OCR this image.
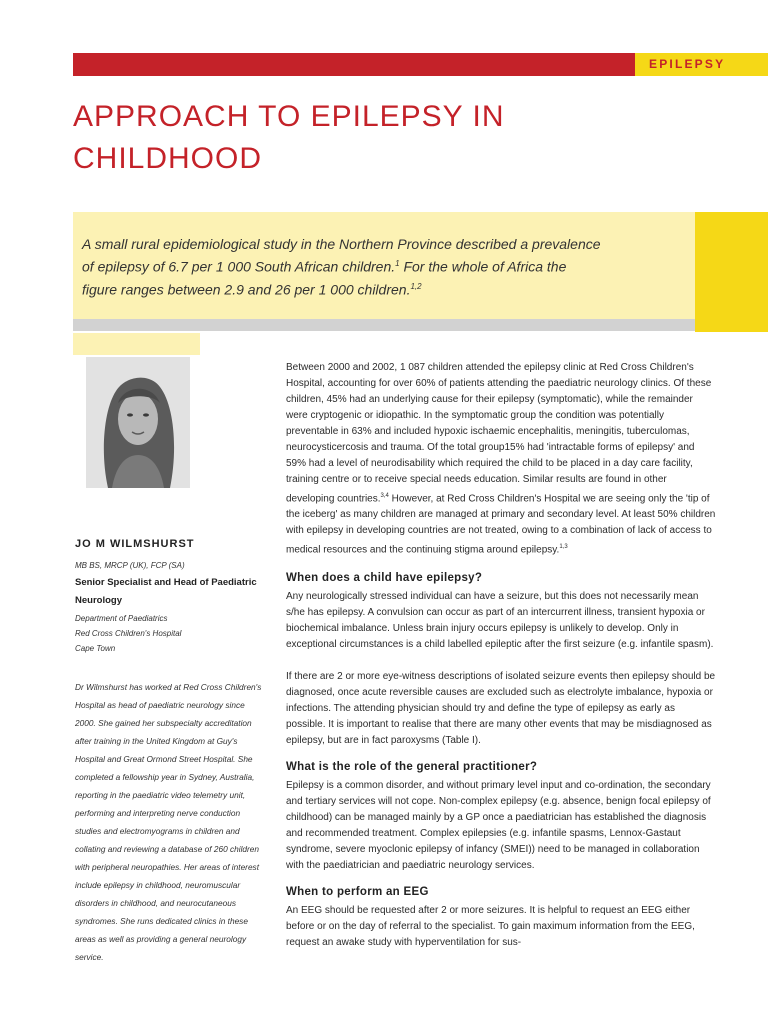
EPILEPSY
APPROACH TO EPILEPSY IN
CHILDHOOD
A small rural epidemiological study in the Northern Province described a prevalence
of epilepsy of 6.7 per 1 000 South African children.$^1$ For the whole of Africa the
figure ranges between 2.9 and 26 per 1 000 children.$^{1,2}$

JO M WILMSHURST

MB BS, MRCP (UK), FCP (SA)

Senior Specialist and Head of Paediatric Neurology

Department of Paediatrics

Red Cross Children's Hospital

Cape Town

Dr Wilmshurst has worked at Red Cross Children's Hospital as head of paediatric neurology since 2000. She gained her subspecialty accreditation after training in the United Kingdom at Guy's Hospital and Great Ormond Street Hospital. She completed a fellowship year in Sydney, Australia, reporting in the paediatric video telemetry unit, performing and interpreting nerve conduction studies and electromyograms in children and collating and reviewing a database of 260 children with peripheral neuropathies. Her areas of interest include epilepsy in childhood, neuromuscular disorders in childhood, and neurocutaneous syndromes. She runs dedicated clinics in these areas as well as providing a general neurology service.

Between 2000 and 2002, 1 087 children attended the epilepsy clinic at Red Cross Children's Hospital, accounting for over 60% of patients attending the paediatric neurology clinics. Of these children, 45% had an underlying cause for their epilepsy (symptomatic), while the remainder were cryptogenic or idiopathic. In the symptomatic group the condition was potentially preventable in 63% and included hypoxic ischaemic encephalitis, meningitis, tuberculomas, neurocysticercosis and trauma. Of the total group15% had 'intractable forms of epilepsy' and 59% had a level of neurodisability which required the child to be placed in a day care facility, training centre or to receive special needs education. Similar results are found in other developing countries.$^{3,4}$ However, at Red Cross Children's Hospital we are seeing only the 'tip of the iceberg' as many children are managed at primary and secondary level. At least 50% children with epilepsy in developing countries are not treated, owing to a combination of lack of access to medical resources and the continuing stigma around epilepsy.$^{1,3}$

When does a child have epilepsy?

Any neurologically stressed individual can have a seizure, but this does not necessarily mean s/he has epilepsy. A convulsion can occur as part of an intercurrent illness, transient hypoxia or biochemical imbalance. Unless brain injury occurs epilepsy is unlikely to develop. Only in exceptional circumstances is a child labelled epileptic after the first seizure (e.g. infantile spasm).

If there are 2 or more eye-witness descriptions of isolated seizure events then epilepsy should be diagnosed, once acute reversible causes are excluded such as electrolyte imbalance, hypoxia or infections. The attending physician should try and define the type of epilepsy as early as possible. It is important to realise that there are many other events that may be misdiagnosed as epilepsy, but are in fact paroxysms (Table I).

What is the role of the general practitioner?

Epilepsy is a common disorder, and without primary level input and co-ordination, the secondary and tertiary services will not cope. Non-complex epilepsy (e.g. absence, benign focal epilepsy of childhood) can be managed mainly by a GP once a paediatrician has established the diagnosis and recommended treatment. Complex epilepsies (e.g. infantile spasms, Lennox-Gastaut syndrome, severe myoclonic epilepsy of infancy (SMEI)) need to be managed in collaboration with the paediatrician and paediatric neurology services.

When to perform an EEG

An EEG should be requested after 2 or more seizures. It is helpful to request an EEG either before or on the day of referral to the specialist. To gain maximum information from the EEG, request an awake study with hyperventilation for sus-
